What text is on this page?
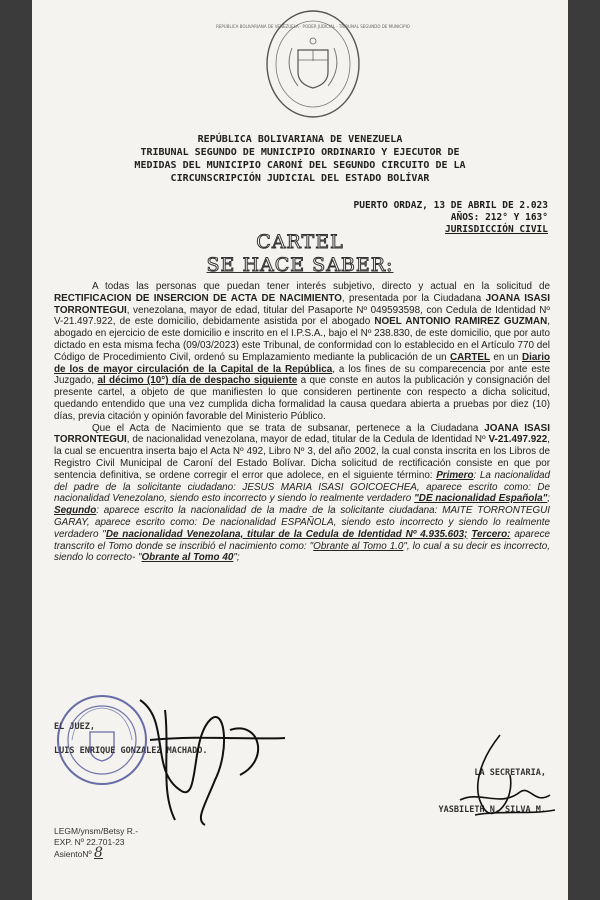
REPÚBLICA BOLIVARIANA DE VENEZUELA · PODER JUDICIAL · TRIBUNAL SEGUNDO DE MUNICIPIO
REPÚBLICA BOLIVARIANA DE VENEZUELA
TRIBUNAL SEGUNDO DE MUNICIPIO ORDINARIO Y EJECUTOR DE
MEDIDAS DEL MUNICIPIO CARONÍ DEL SEGUNDO CIRCUITO DE LA
CIRCUNSCRIPCIÓN JUDICIAL DEL ESTADO BOLÍVAR
PUERTO ORDAZ, 13 DE ABRIL DE 2.023
AÑOS: 212° Y 163°
JURISDICCIÓN CIVIL
CARTEL
SE HACE SABER:

A todas las personas que puedan tener interés subjetivo, directo y actual en la solicitud de RECTIFICACION DE INSERCION DE ACTA DE NACIMIENTO, presentada por la Ciudadana JOANA ISASI TORRONTEGUI, venezolana, mayor de edad, titular del Pasaporte Nº 049593598, con Cedula de Identidad Nº V-21.497.922, de este domicilio, debidamente asistida por el abogado NOEL ANTONIO RAMIREZ GUZMAN, abogado en ejercicio de este domicilio e inscrito en el I.P.S.A., bajo el Nº 238.830, de este domicilio, que por auto dictado en esta misma fecha (09/03/2023) este Tribunal, de conformidad con lo establecido en el Artículo 770 del Código de Procedimiento Civil, ordenó su Emplazamiento mediante la publicación de un CARTEL en un Diario de los de mayor circulación de la Capital de la República, a los fines de su comparecencia por ante este Juzgado, al décimo (10°) día de despacho siguiente a que conste en autos la publicación y consignación del presente cartel, a objeto de que manifiesten lo que consideren pertinente con respecto a dicha solicitud, quedando entendido que una vez cumplida dicha formalidad la causa quedara abierta a pruebas por diez (10) días, previa citación y opinión favorable del Ministerio Público.

Que el Acta de Nacimiento que se trata de subsanar, pertenece a la Ciudadana JOANA ISASI TORRONTEGUI, de nacionalidad venezolana, mayor de edad, titular de la Cedula de Identidad Nº V-21.497.922, la cual se encuentra inserta bajo el Acta Nº 492, Libro Nº 3, del año 2002, la cual consta inscrita en los Libros de Registro Civil Municipal de Caroní del Estado Bolívar. Dicha solicitud de rectificación consiste en que por sentencia definitiva, se ordene corregir el error que adolece, en el siguiente término: Primero: La nacionalidad del padre de la solicitante ciudadano: JESUS MARIA ISASI GOICOECHEA, aparece escrito como: De nacionalidad Venezolano, siendo esto incorrecto y siendo lo realmente verdadero "DE nacionalidad Española"; Segundo: aparece escrito la nacionalidad de la madre de la solicitante ciudadana: MAITE TORRONTEGUI GARAY, aparece escrito como: De nacionalidad ESPAÑOLA, siendo esto incorrecto y siendo lo realmente verdadero "De nacionalidad Venezolana, titular de la Cedula de Identidad Nº 4.935.603; Tercero: aparece transcrito el Tomo donde se inscribió el nacimiento como: "Obrante al Tomo 1.0", lo cual a su decir es incorrecto, siendo lo correcto- "Obrante al Tomo 40";

EL JUEZ,
LUIS ENRIQUE GONZALEZ MACHADO.
LA SECRETARIA,
YASBILETH N. SILVA M.
LEGM/ynsm/Betsy R.-
EXP. Nº 22.701-23
AsientoNº 8
